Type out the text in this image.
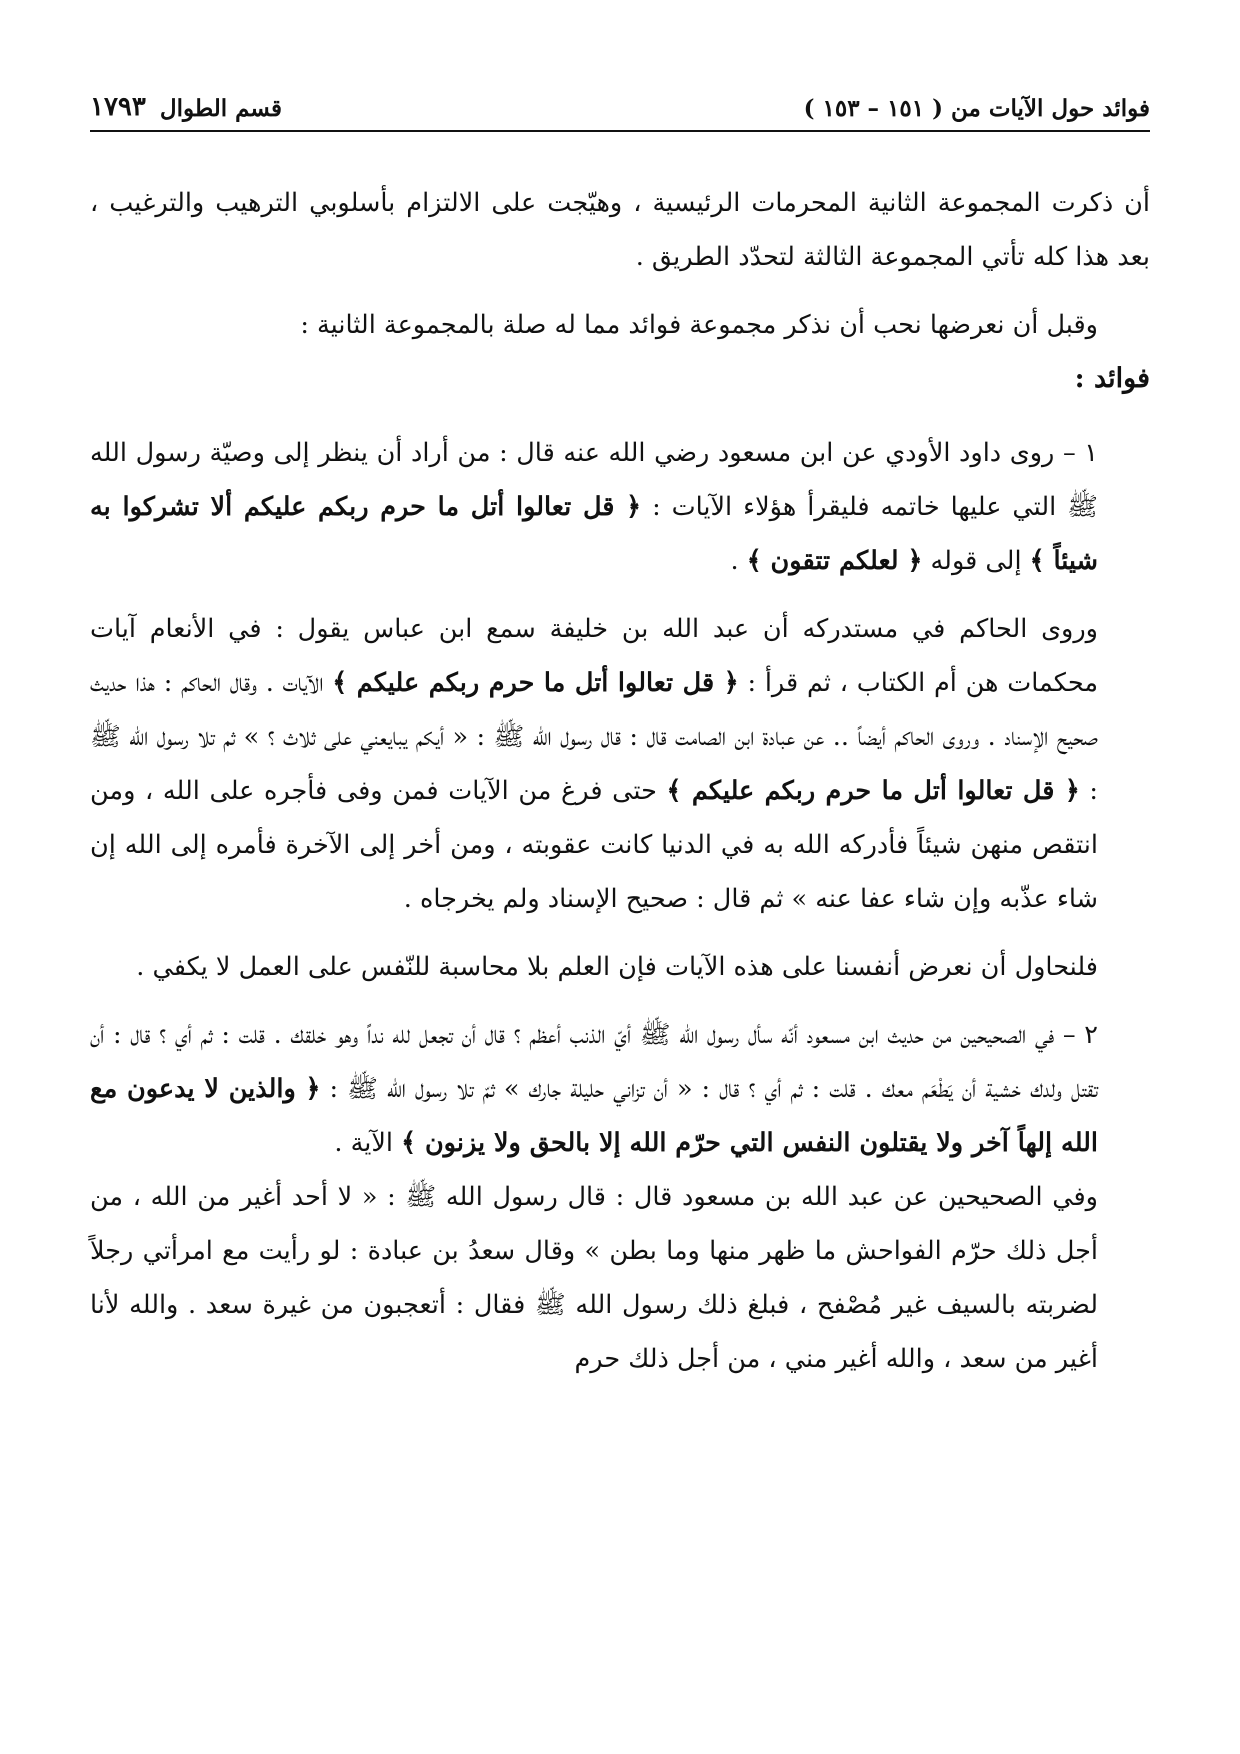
فوائد حول الآيات من ( ١٥١ – ١٥٣ )
قسم الطوال
١٧٩٣

أن ذكرت المجموعة الثانية المحرمات الرئيسية ، وهيّجت على الالتزام بأسلوبي الترهيب والترغيب ، بعد هذا كله تأتي المجموعة الثالثة لتحدّد الطريق .

وقبل أن نعرضها نحب أن نذكر مجموعة فوائد مما له صلة بالمجموعة الثانية :

فوائد :

١ – روى داود الأودي عن ابن مسعود رضي الله عنه قال : من أراد أن ينظر إلى وصيّة رسول الله ﷺ التي عليها خاتمه فليقرأ هؤلاء الآيات : ﴿ قل تعالوا أتل ما حرم ربكم عليكم ألا تشركوا به شيئاً ﴾ إلى قوله ﴿ لعلكم تتقون ﴾ .

وروى الحاكم في مستدركه أن عبد الله بن خليفة سمع ابن عباس يقول : في الأنعام آيات محكمات هن أم الكتاب ، ثم قرأ : ﴿ قل تعالوا أتل ما حرم ربكم عليكم ﴾ الآيات . وقال الحاكم : هذا حديث صحيح الإسناد . وروى الحاكم أيضاً .. عن عبادة ابن الصامت قال : قال رسول الله ﷺ : « أيكم يبايعني على ثلاث ؟ » ثم تلا رسول الله ﷺ : ﴿ قل تعالوا أتل ما حرم ربكم عليكم ﴾ حتى فرغ من الآيات فمن وفى فأجره على الله ، ومن انتقص منهن شيئاً فأدركه الله به في الدنيا كانت عقوبته ، ومن أخر إلى الآخرة فأمره إلى الله إن شاء عذّبه وإن شاء عفا عنه » ثم قال : صحيح الإسناد ولم يخرجاه .

فلنحاول أن نعرض أنفسنا على هذه الآيات فإن العلم بلا محاسبة للنّفس على العمل لا يكفي .

٢ – في الصحيحين من حديث ابن مسعود أنّه سأل رسول الله ﷺ أيّ الذنب أعظم ؟ قال أن تجعل لله نداً وهو خلقك . قلت : ثم أي ؟ قال : أن تقتل ولدك خشية أن يَطْعَم معك . قلت : ثم أي ؟ قال : « أن تزاني حليلة جارك » ثمّ تلا رسول الله ﷺ : ﴿ والذين لا يدعون مع الله إلهاً آخر ولا يقتلون النفس التي حرّم الله إلا بالحق ولا يزنون ﴾ الآية .

وفي الصحيحين عن عبد الله بن مسعود قال : قال رسول الله ﷺ : « لا أحد أغير من الله ، من أجل ذلك حرّم الفواحش ما ظهر منها وما بطن » وقال سعدُ بن عبادة : لو رأيت مع امرأتي رجلاً لضربته بالسيف غير مُصْفح ، فبلغ ذلك رسول الله ﷺ فقال : أتعجبون من غيرة سعد . والله لأنا أغير من سعد ، والله أغير مني ، من أجل ذلك حرم
